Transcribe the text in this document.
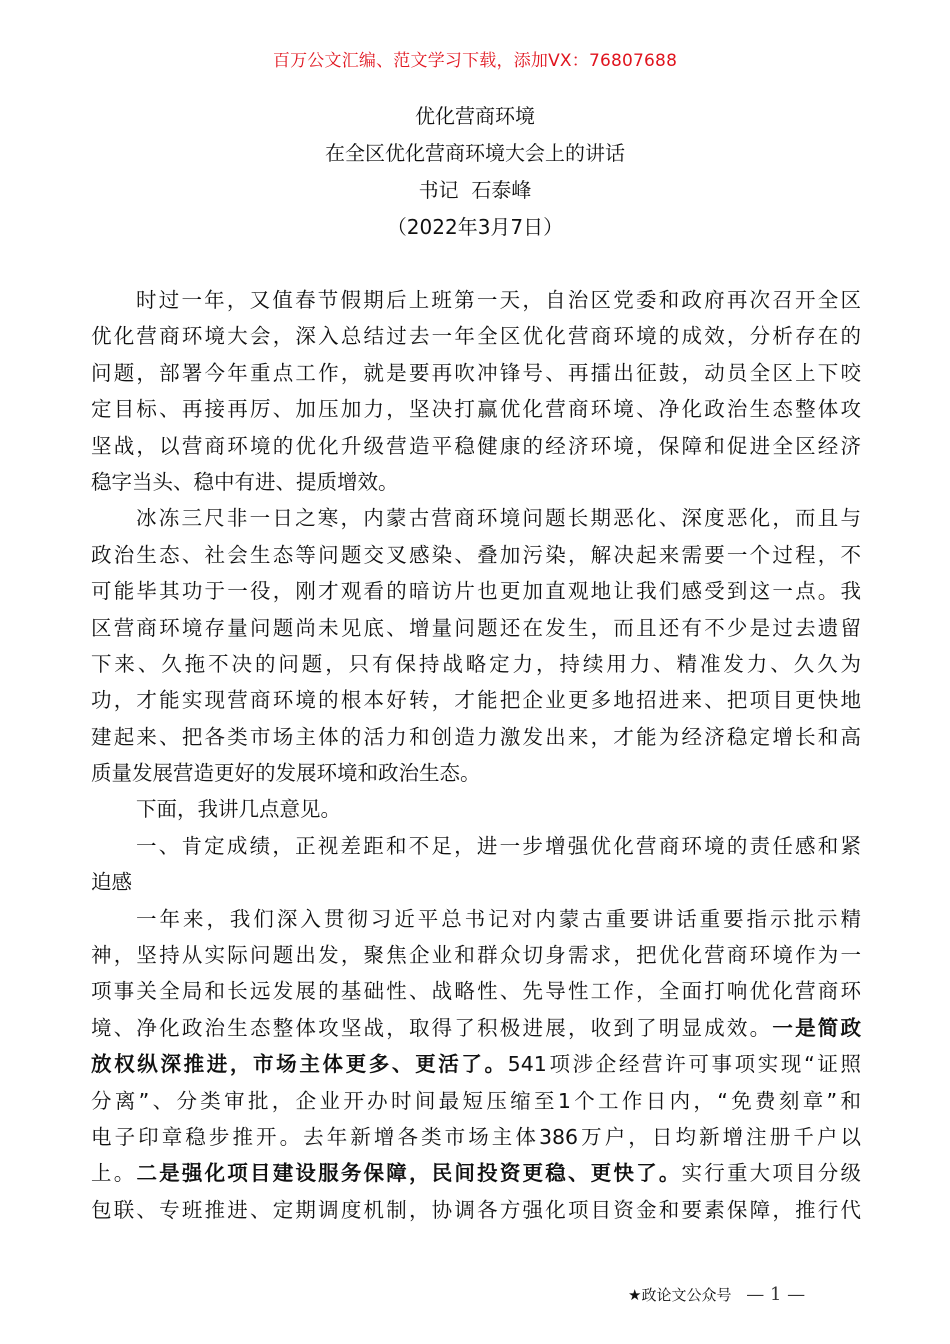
百万公文汇编、范文学习下载，添加VX：76807688
优化营商环境
在全区优化营商环境大会上的讲话
书记  石泰峰
（2022年3月7日）
时过一年，又值春节假期后上班第一天，自治区党委和政府再次召开全区
优化营商环境大会，深入总结过去一年全区优化营商环境的成效，分析存在的
问题，部署今年重点工作，就是要再吹冲锋号、再擂出征鼓，动员全区上下咬
定目标、再接再厉、加压加力，坚决打赢优化营商环境、净化政治生态整体攻
坚战，以营商环境的优化升级营造平稳健康的经济环境，保障和促进全区经济
稳字当头、稳中有进、提质增效。
冰冻三尺非一日之寒，内蒙古营商环境问题长期恶化、深度恶化，而且与
政治生态、社会生态等问题交叉感染、叠加污染，解决起来需要一个过程，不
可能毕其功于一役，刚才观看的暗访片也更加直观地让我们感受到这一点。我
区营商环境存量问题尚未见底、增量问题还在发生，而且还有不少是过去遗留
下来、久拖不决的问题，只有保持战略定力，持续用力、精准发力、久久为
功，才能实现营商环境的根本好转，才能把企业更多地招进来、把项目更快地
建起来、把各类市场主体的活力和创造力激发出来，才能为经济稳定增长和高
质量发展营造更好的发展环境和政治生态。
下面，我讲几点意见。
一、肯定成绩，正视差距和不足，进一步增强优化营商环境的责任感和紧
迫感
一年来，我们深入贯彻习近平总书记对内蒙古重要讲话重要指示批示精
神，坚持从实际问题出发，聚焦企业和群众切身需求，把优化营商环境作为一
项事关全局和长远发展的基础性、战略性、先导性工作，全面打响优化营商环
境、净化政治生态整体攻坚战，取得了积极进展，收到了明显成效。一是简政
放权纵深推进，市场主体更多、更活了。541项涉企经营许可事项实现“证照
分离”、分类审批，企业开办时间最短压缩至1个工作日内，“免费刻章”和
电子印章稳步推开。去年新增各类市场主体386万户，日均新增注册千户以
上。二是强化项目建设服务保障，民间投资更稳、更快了。实行重大项目分级
包联、专班推进、定期调度机制，协调各方强化项目资金和要素保障，推行代
★政论文公众号 — 1 —
